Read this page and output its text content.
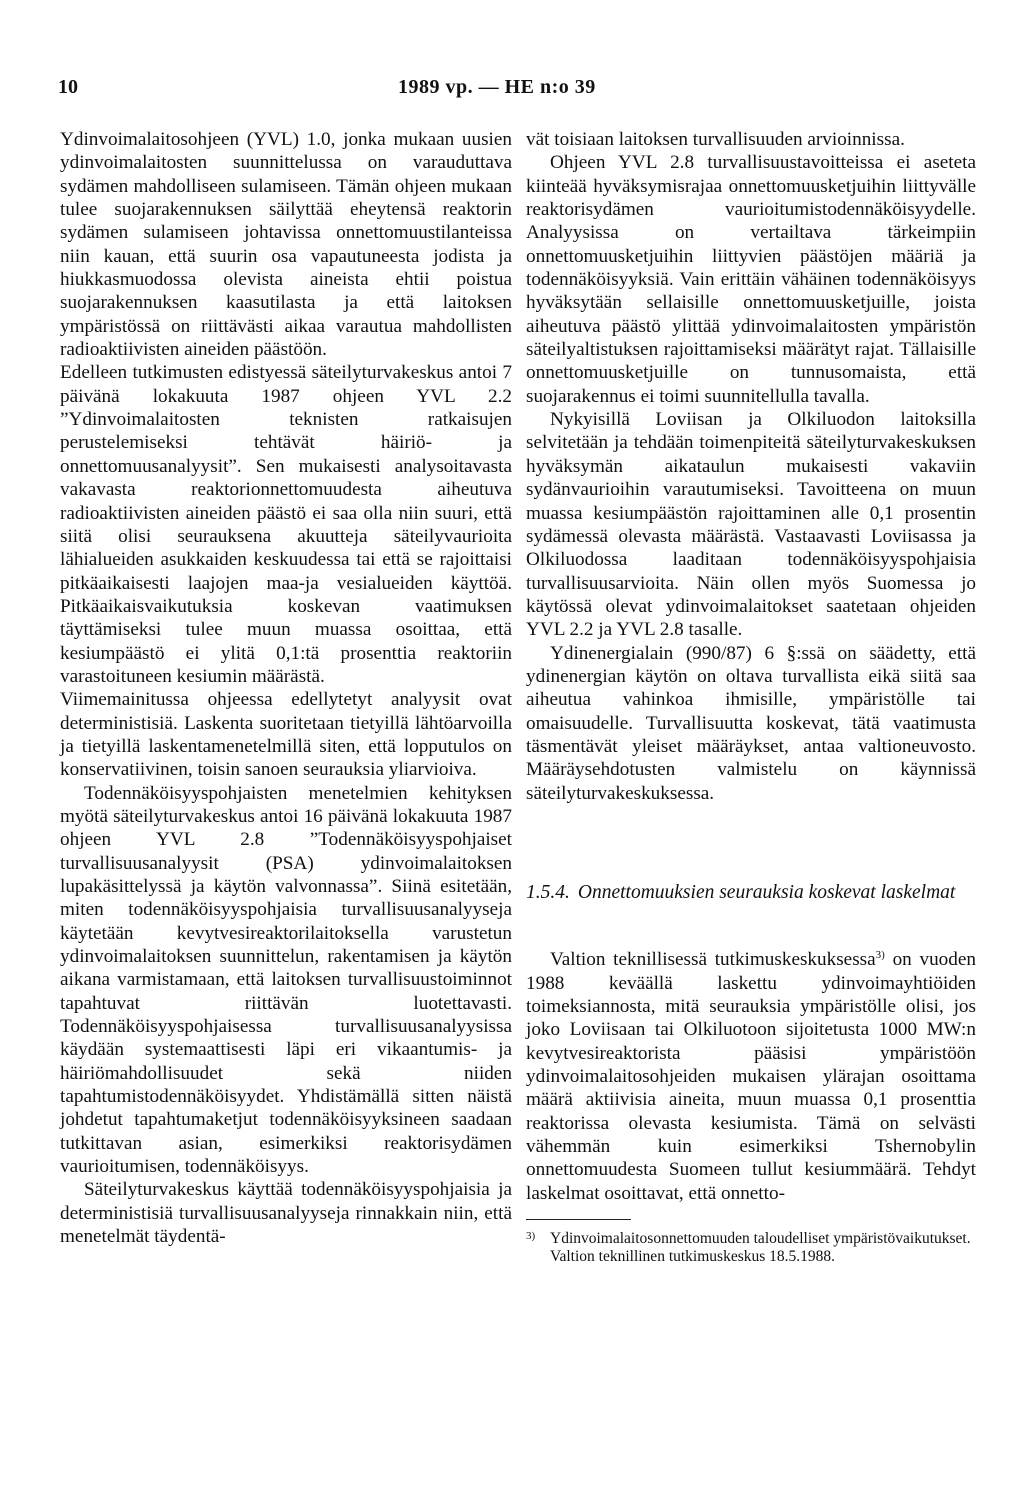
10	1989 vp. — HE n:o 39

Ydinvoimalaitosohjeen (YVL) 1.0, jonka mukaan uusien ydinvoimalaitosten suunnittelussa on varauduttava sydämen mahdolliseen sulamiseen. Tämän ohjeen mukaan tulee suojarakennuksen säilyttää eheytensä reaktorin sydämen sulamiseen johtavissa onnettomuustilanteissa niin kauan, että suurin osa vapautuneesta jodista ja hiukkasmuodossa olevista aineista ehtii poistua suojarakennuksen kaasutilasta ja että laitoksen ympäristössä on riittävästi aikaa varautua mahdollisten radioaktiivisten aineiden päästöön.

Edelleen tutkimusten edistyessä säteilyturvakeskus antoi 7 päivänä lokakuuta 1987 ohjeen YVL 2.2 ”Ydinvoimalaitosten teknisten ratkaisujen perustelemiseksi tehtävät häiriö- ja onnettomuusanalyysit”. Sen mukaisesti analysoitavasta vakavasta reaktorionnettomuudesta aiheutuva radioaktiivisten aineiden päästö ei saa olla niin suuri, että siitä olisi seurauksena akuutteja säteilyvaurioita lähialueiden asukkaiden keskuudessa tai että se rajoittaisi pitkäaikaisesti laajojen maa-ja vesialueiden käyttöä. Pitkäaikaisvaikutuksia koskevan vaatimuksen täyttämiseksi tulee muun muassa osoittaa, että kesiumpäästö ei ylitä 0,1:tä prosenttia reaktoriin varastoituneen kesiumin määrästä.

Viimemainitussa ohjeessa edellytetyt analyysit ovat deterministisiä. Laskenta suoritetaan tietyillä lähtöarvoilla ja tietyillä laskentamenetelmillä siten, että lopputulos on konservatiivinen, toisin sanoen seurauksia yliarvioiva.

Todennäköisyyspohjaisten menetelmien kehityksen myötä säteilyturvakeskus antoi 16 päivänä lokakuuta 1987 ohjeen YVL 2.8 ”Todennäköisyyspohjaiset turvallisuusanalyysit (PSA) ydinvoimalaitoksen lupakäsittelyssä ja käytön valvonnassa”. Siinä esitetään, miten todennäköisyyspohjaisia turvallisuusanalyyseja käytetään kevytvesireaktorilaitoksella varustetun ydinvoimalaitoksen suunnittelun, rakentamisen ja käytön aikana varmistamaan, että laitoksen turvallisuustoiminnot tapahtuvat riittävän luotettavasti. Todennäköisyyspohjaisessa turvallisuusanalyysissa käydään systemaattisesti läpi eri vikaantumis- ja häiriömahdollisuudet sekä niiden tapahtumistodennäköisyydet. Yhdistämällä sitten näistä johdetut tapahtumaketjut todennäköisyyksineen saadaan tutkittavan asian, esimerkiksi reaktorisydämen vaurioitumisen, todennäköisyys.

Säteilyturvakeskus käyttää todennäköisyyspohjaisia ja deterministisiä turvallisuusanalyyseja rinnakkain niin, että menetelmät täydentä-

vät toisiaan laitoksen turvallisuuden arvioinnissa.

Ohjeen YVL 2.8 turvallisuustavoitteissa ei aseteta kiinteää hyväksymisrajaa onnettomuusketjuihin liittyvälle reaktorisydämen vaurioitumistodennäköisyydelle. Analyysissa on vertailtava tärkeimpiin onnettomuusketjuihin liittyvien päästöjen määriä ja todennäköisyyksiä. Vain erittäin vähäinen todennäköisyys hyväksytään sellaisille onnettomuusketjuille, joista aiheutuva päästö ylittää ydinvoimalaitosten ympäristön säteilyaltistuksen rajoittamiseksi määrätyt rajat. Tällaisille onnettomuusketjuille on tunnusomaista, että suojarakennus ei toimi suunnitellulla tavalla.

Nykyisillä Loviisan ja Olkiluodon laitoksilla selvitetään ja tehdään toimenpiteitä säteilyturvakeskuksen hyväksymän aikataulun mukaisesti vakaviin sydänvaurioihin varautumiseksi. Tavoitteena on muun muassa kesiumpäästön rajoittaminen alle 0,1 prosentin sydämessä olevasta määrästä. Vastaavasti Loviisassa ja Olkiluodossa laaditaan todennäköisyyspohjaisia turvallisuusarvioita. Näin ollen myös Suomessa jo käytössä olevat ydinvoimalaitokset saatetaan ohjeiden YVL 2.2 ja YVL 2.8 tasalle.

Ydinenergialain (990/87) 6 §:ssä on säädetty, että ydinenergian käytön on oltava turvallista eikä siitä saa aiheutua vahinkoa ihmisille, ympäristölle tai omaisuudelle. Turvallisuutta koskevat, tätä vaatimusta täsmentävät yleiset määräykset, antaa valtioneuvosto. Määräysehdotusten valmistelu on käynnissä säteilyturvakeskuksessa.

1.5.4. Onnettomuuksien seurauksia koskevat laskelmat

Valtion teknillisessä tutkimuskeskuksessa$^{3)}$ on vuoden 1988 keväällä laskettu ydinvoimayhtiöiden toimeksiannosta, mitä seurauksia ympäristölle olisi, jos joko Loviisaan tai Olkiluotoon sijoitetusta 1000 MW:n kevytvesireaktorista pääsisi ympäristöön ydinvoimalaitosohjeiden mukaisen ylärajan osoittama määrä aktiivisia aineita, muun muassa 0,1 prosenttia reaktorissa olevasta kesiumista. Tämä on selvästi vähemmän kuin esimerkiksi Tshernobylin onnettomuudesta Suomeen tullut kesiummäärä. Tehdyt laskelmat osoittavat, että onnetto-

3) Ydinvoimalaitosonnettomuuden taloudelliset ympäristövaikutukset. Valtion teknillinen tutkimuskeskus 18.5.1988.
